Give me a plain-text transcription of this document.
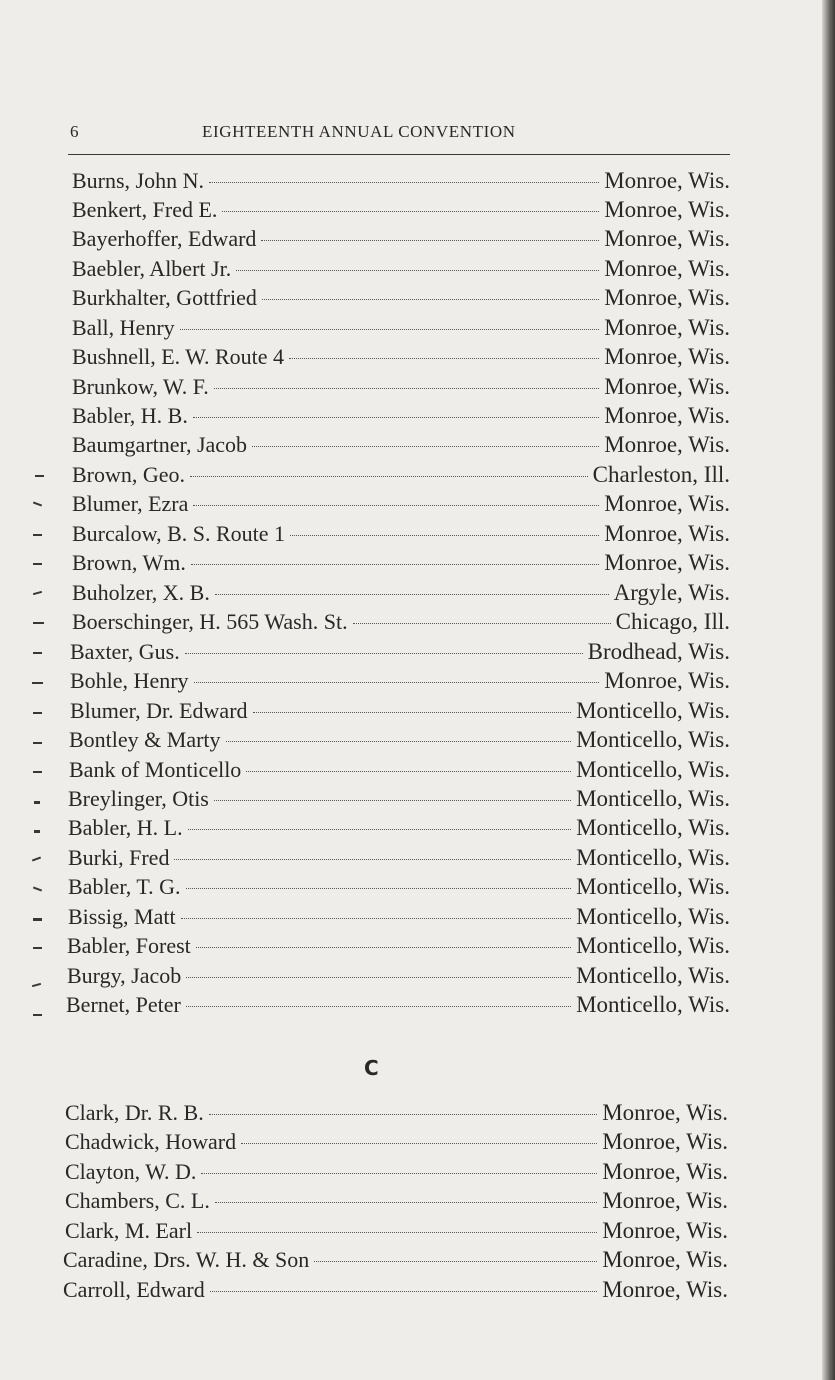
6	EIGHTEENTH ANNUAL CONVENTION
Burns, John N.	Monroe, Wis.
Benkert, Fred E.	Monroe, Wis.
Bayerhoffer, Edward	Monroe, Wis.
Baebler, Albert Jr.	Monroe, Wis.
Burkhalter, Gottfried	Monroe, Wis.
Ball, Henry	Monroe, Wis.
Bushnell, E. W. Route 4	Monroe, Wis.
Brunkow, W. F.	Monroe, Wis.
Babler, H. B.	Monroe, Wis.
Baumgartner, Jacob	Monroe, Wis.
Brown, Geo.	Charleston, Ill.
Blumer, Ezra	Monroe, Wis.
Burcalow, B. S. Route 1	Monroe, Wis.
Brown, Wm.	Monroe, Wis.
Buholzer, X. B.	Argyle, Wis.
Boerschinger, H. 565 Wash. St.	Chicago, Ill.
Baxter, Gus.	Brodhead, Wis.
Bohle, Henry	Monroe, Wis.
Blumer, Dr. Edward	Monticello, Wis.
Bontley & Marty	Monticello, Wis.
Bank of Monticello	Monticello, Wis.
Breylinger, Otis	Monticello, Wis.
Babler, H. L.	Monticello, Wis.
Burki, Fred	Monticello, Wis.
Babler, T. G.	Monticello, Wis.
Bissig, Matt	Monticello, Wis.
Babler, Forest	Monticello, Wis.
Burgy, Jacob	Monticello, Wis.
Bernet, Peter	Monticello, Wis.
C
Clark, Dr. R. B.	Monroe, Wis.
Chadwick, Howard	Monroe, Wis.
Clayton, W. D.	Monroe, Wis.
Chambers, C. L.	Monroe, Wis.
Clark, M. Earl	Monroe, Wis.
Caradine, Drs. W. H. & Son	Monroe, Wis.
Carroll, Edward	Monroe, Wis.
